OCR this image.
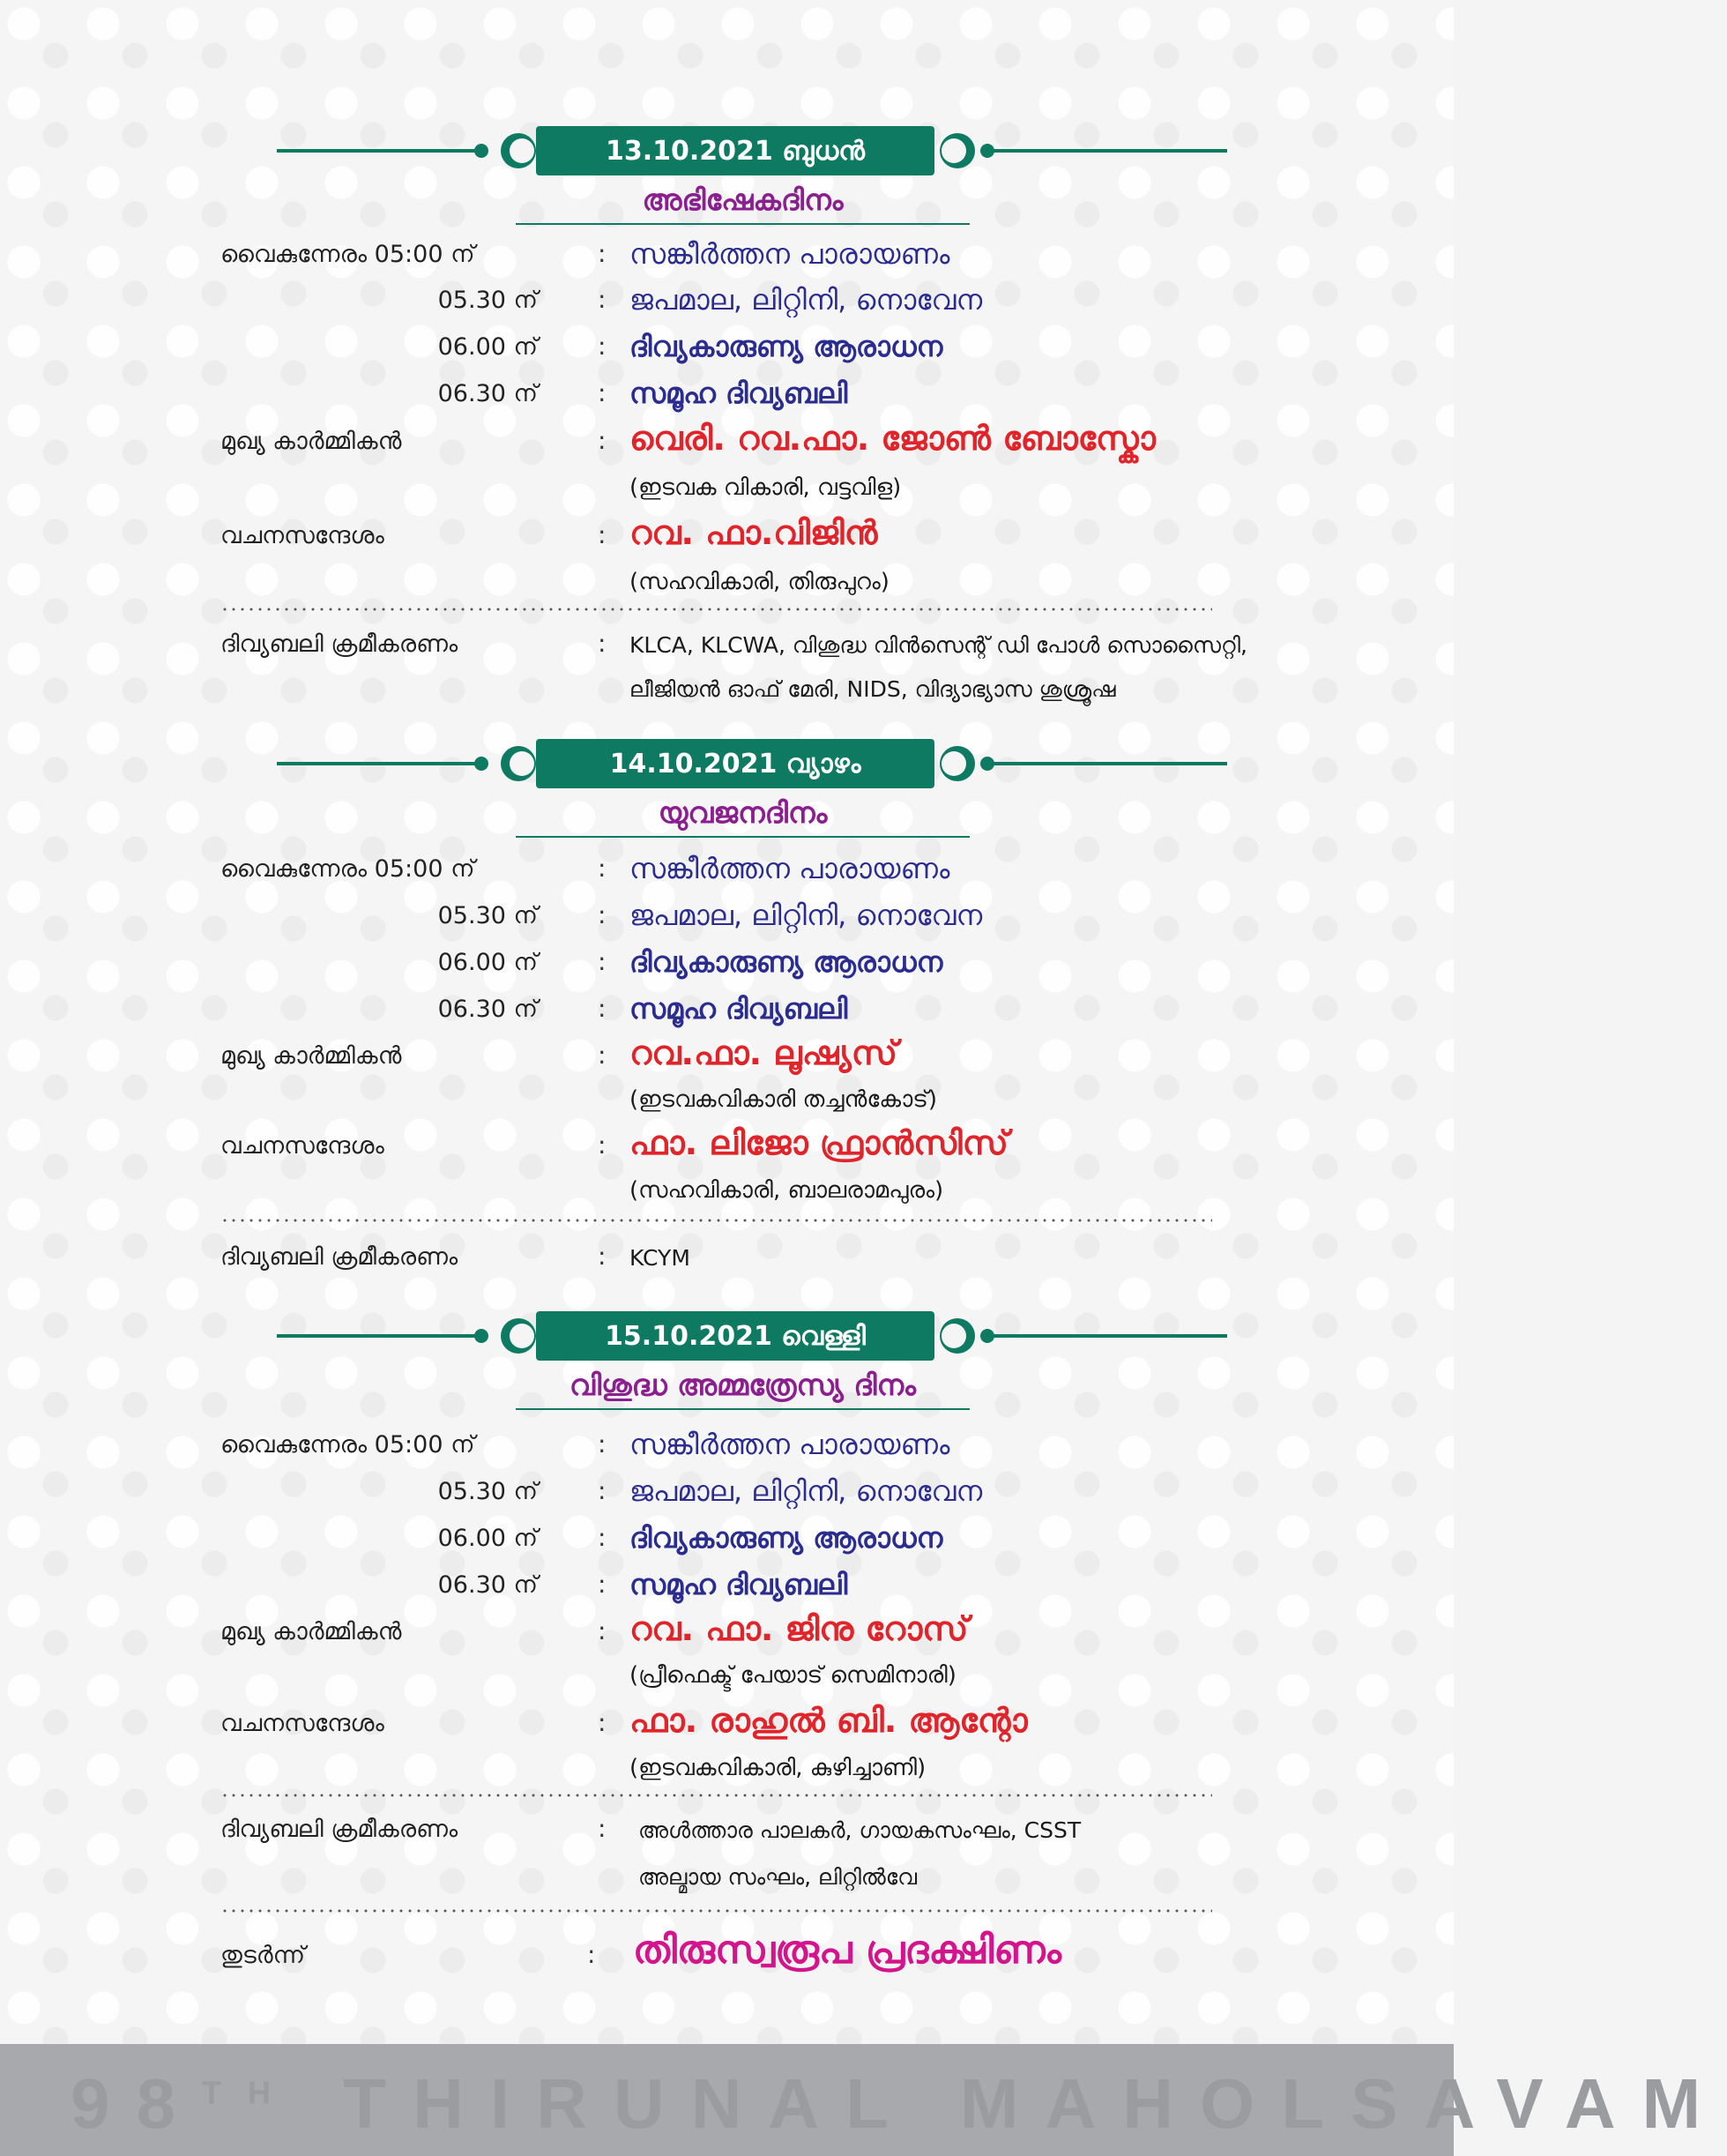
13.10.2021 ബുധൻ
അഭിഷേകദിനം
വൈകുന്നേരം 05:00 ന്	: സങ്കീർത്തന പാരായണം
05.30 ന് : ജപമാല, ലിറ്റിനി, നൊവേന
06.00 ന് : ദിവ്യകാരുണ്യ ആരാധന
06.30 ന് : സമൂഹ ദിവ്യബലി
മുഖ്യ കാർമ്മികൻ	: വെരി. റവ.ഫാ. ജോൺ ബോസ്കോ
(ഇടവക വികാരി, വട്ടവിള)
വചനസന്ദേശം	: റവ. ഫാ.വിജിൻ
(സഹവികാരി, തിരുപുറം)
ദിവ്യബലി ക്രമീകരണം	: KLCA, KLCWA, വിശുദ്ധ വിൻസെന്റ് ഡി പോൾ സൊസൈറ്റി,
ലീജിയൻ ഓഫ് മേരി, NIDS, വിദ്യാഭ്യാസ ശുശ്രൂഷ
14.10.2021 വ്യാഴം
യുവജനദിനം
വൈകുന്നേരം 05:00 ന്	: സങ്കീർത്തന പാരായണം
05.30 ന് : ജപമാല, ലിറ്റിനി, നൊവേന
06.00 ന് : ദിവ്യകാരുണ്യ ആരാധന
06.30 ന് : സമൂഹ ദിവ്യബലി
മുഖ്യ കാർമ്മികൻ	: റവ.ഫാ. ലൂഷ്യസ്
(ഇടവകവികാരി തച്ചൻകോട്)
വചനസന്ദേശം	: ഫാ. ലിജോ ഫ്രാൻസിസ്
(സഹവികാരി, ബാലരാമപുരം)
ദിവ്യബലി ക്രമീകരണം	: KCYM
15.10.2021 വെള്ളി
വിശുദ്ധ അമ്മത്രേസ്യ ദിനം
വൈകുന്നേരം 05:00 ന്	: സങ്കീർത്തന പാരായണം
05.30 ന് : ജപമാല, ലിറ്റിനി, നൊവേന
06.00 ന് : ദിവ്യകാരുണ്യ ആരാധന
06.30 ന് : സമൂഹ ദിവ്യബലി
മുഖ്യ കാർമ്മികൻ	: റവ. ഫാ. ജിനു റോസ്
(പ്രീഫെക്ട് പേയാട് സെമിനാരി)
വചനസന്ദേശം	: ഫാ. രാഹുൽ ബി. ആന്റോ
(ഇടവകവികാരി, കുഴിച്ചാണി)
ദിവ്യബലി ക്രമീകരണം	: അൾത്താര പാലകർ, ഗായകസംഘം, CSST
അല്മായ സംഘം, ലിറ്റിൽവേ
തുടർന്ന്	: തിരുസ്വരൂപ പ്രദക്ഷിണം
98TH THIRUNAL MAHOLSAVAM
